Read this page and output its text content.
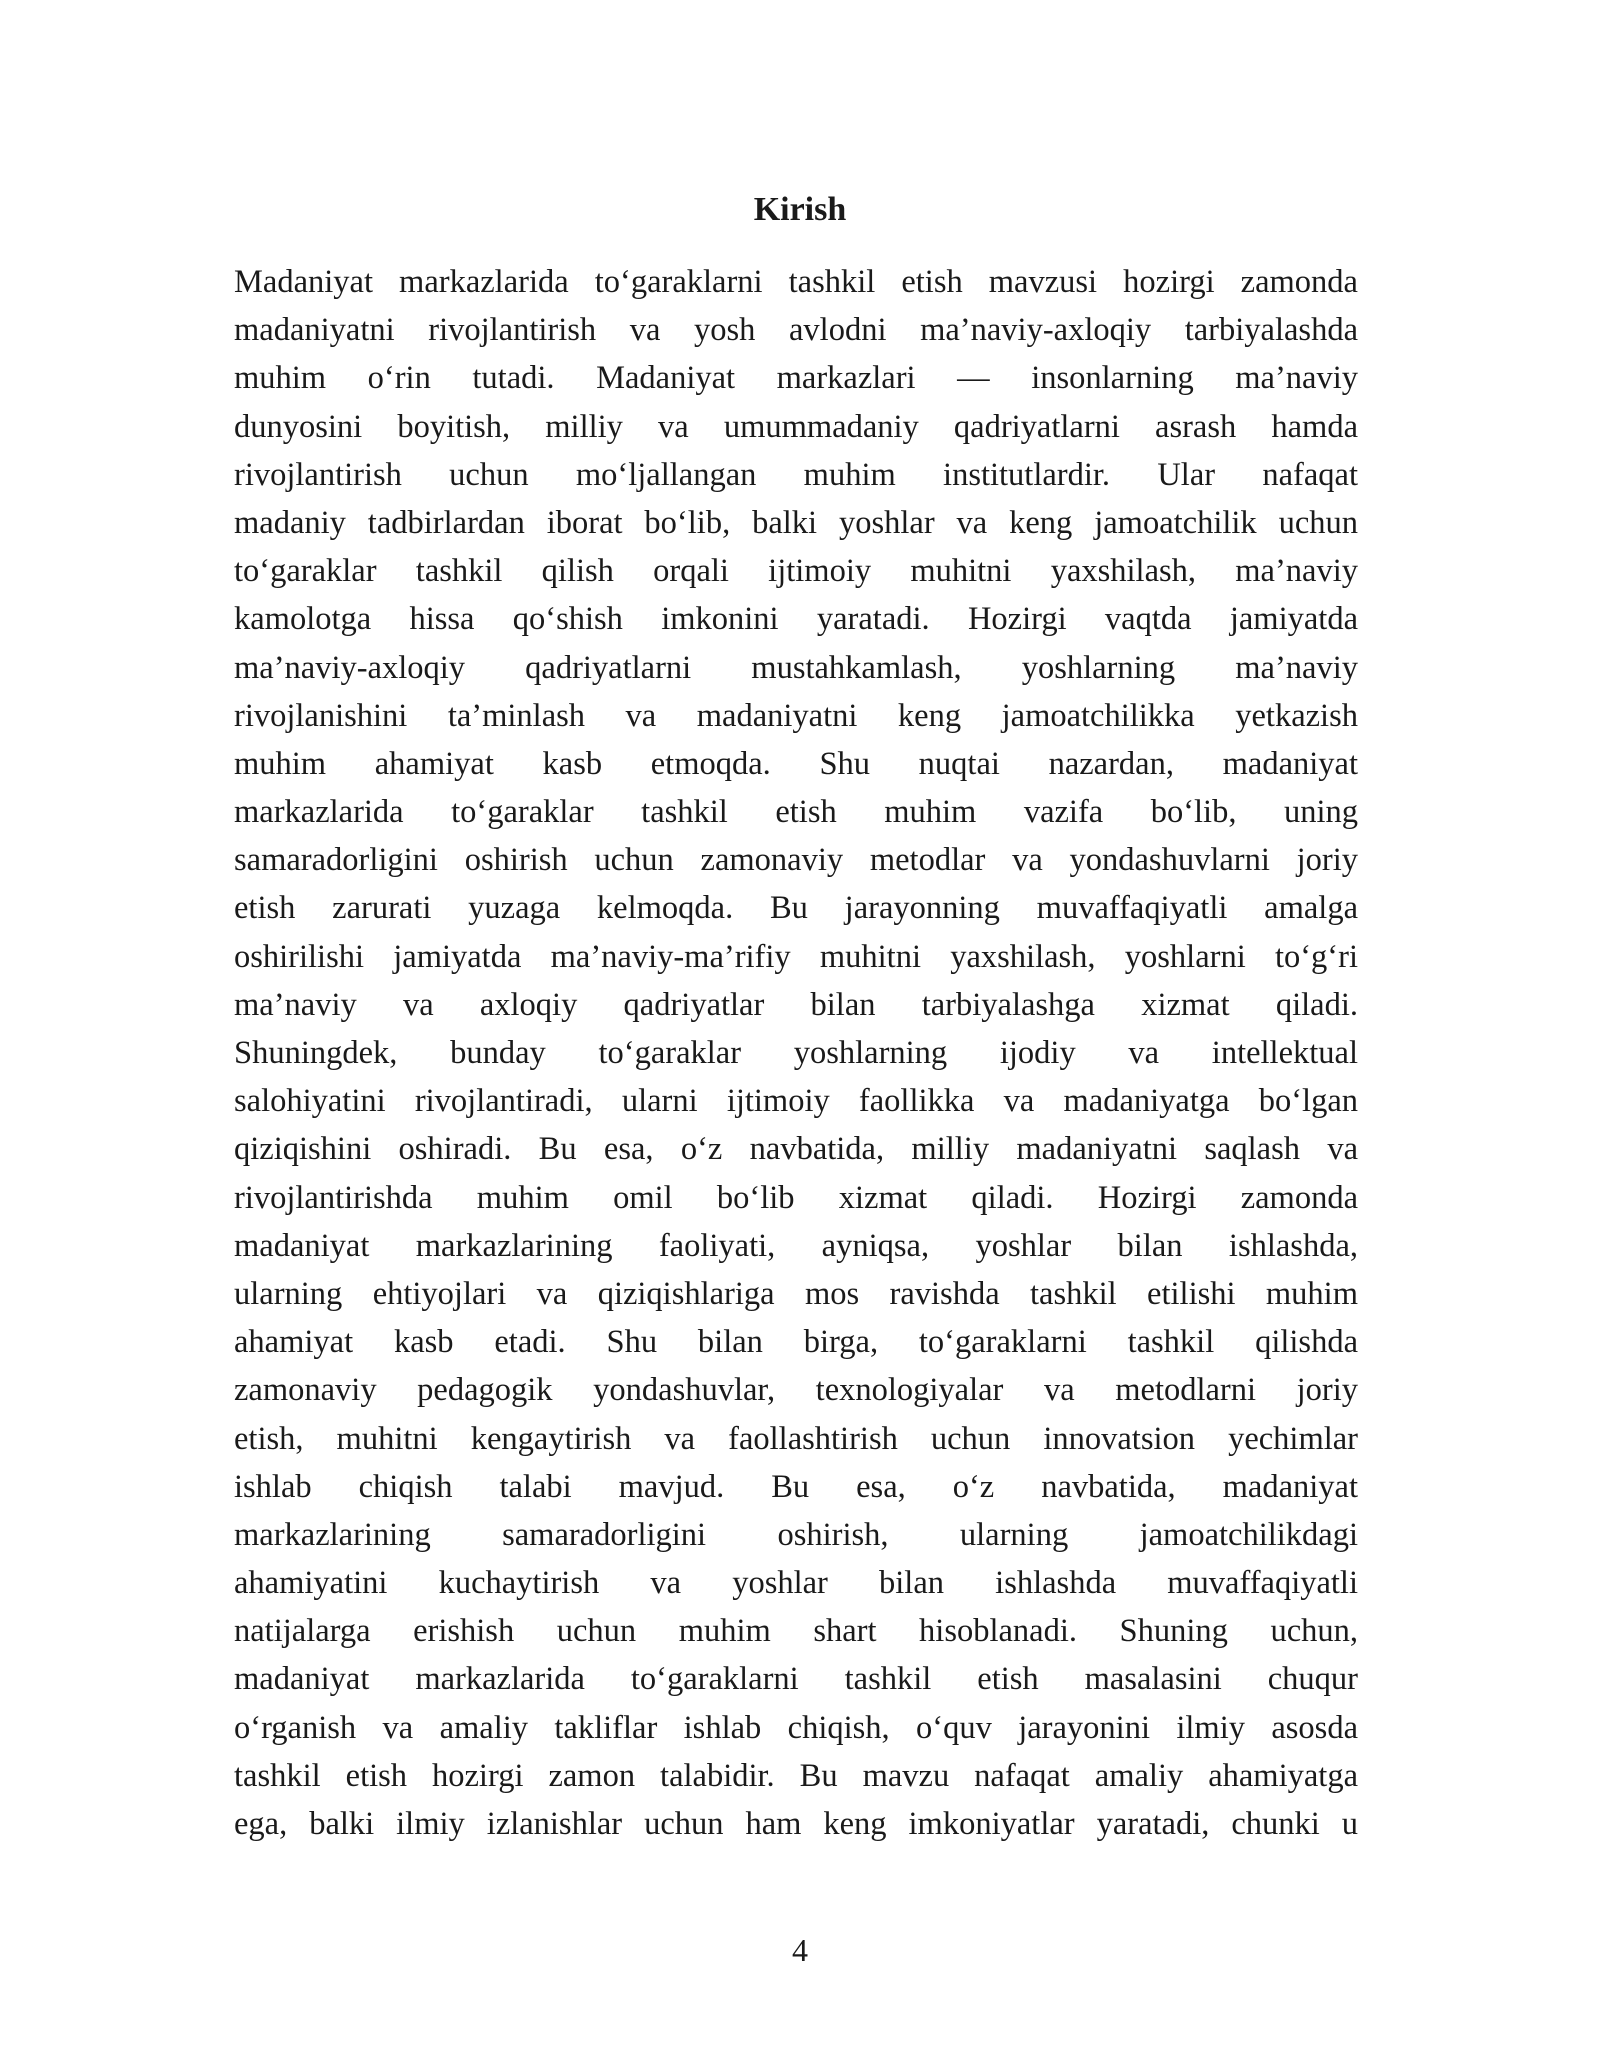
Kirish
Madaniyat markazlarida to‘garaklarni tashkil etish mavzusi hozirgi zamonda
madaniyatni rivojlantirish va yosh avlodni ma’naviy-axloqiy tarbiyalashda
muhim o‘rin tutadi. Madaniyat markazlari — insonlarning ma’naviy
dunyosini boyitish, milliy va umummadaniy qadriyatlarni asrash hamda
rivojlantirish uchun mo‘ljallangan muhim institutlardir. Ular nafaqat
madaniy tadbirlardan iborat bo‘lib, balki yoshlar va keng jamoatchilik uchun
to‘garaklar tashkil qilish orqali ijtimoiy muhitni yaxshilash, ma’naviy
kamolotga hissa qo‘shish imkonini yaratadi. Hozirgi vaqtda jamiyatda
ma’naviy-axloqiy qadriyatlarni mustahkamlash, yoshlarning ma’naviy
rivojlanishini ta’minlash va madaniyatni keng jamoatchilikka yetkazish
muhim ahamiyat kasb etmoqda. Shu nuqtai nazardan, madaniyat
markazlarida to‘garaklar tashkil etish muhim vazifa bo‘lib, uning
samaradorligini oshirish uchun zamonaviy metodlar va yondashuvlarni joriy
etish zarurati yuzaga kelmoqda. Bu jarayonning muvaffaqiyatli amalga
oshirilishi jamiyatda ma’naviy-ma’rifiy muhitni yaxshilash, yoshlarni to‘g‘ri
ma’naviy va axloqiy qadriyatlar bilan tarbiyalashga xizmat qiladi.
Shuningdek, bunday to‘garaklar yoshlarning ijodiy va intellektual
salohiyatini rivojlantiradi, ularni ijtimoiy faollikka va madaniyatga bo‘lgan
qiziqishini oshiradi. Bu esa, o‘z navbatida, milliy madaniyatni saqlash va
rivojlantirishda muhim omil bo‘lib xizmat qiladi. Hozirgi zamonda
madaniyat markazlarining faoliyati, ayniqsa, yoshlar bilan ishlashda,
ularning ehtiyojlari va qiziqishlariga mos ravishda tashkil etilishi muhim
ahamiyat kasb etadi. Shu bilan birga, to‘garaklarni tashkil qilishda
zamonaviy pedagogik yondashuvlar, texnologiyalar va metodlarni joriy
etish, muhitni kengaytirish va faollashtirish uchun innovatsion yechimlar
ishlab chiqish talabi mavjud. Bu esa, o‘z navbatida, madaniyat
markazlarining samaradorligini oshirish, ularning jamoatchilikdagi
ahamiyatini kuchaytirish va yoshlar bilan ishlashda muvaffaqiyatli
natijalarga erishish uchun muhim shart hisoblanadi. Shuning uchun,
madaniyat markazlarida to‘garaklarni tashkil etish masalasini chuqur
o‘rganish va amaliy takliflar ishlab chiqish, o‘quv jarayonini ilmiy asosda
tashkil etish hozirgi zamon talabidir. Bu mavzu nafaqat amaliy ahamiyatga
ega, balki ilmiy izlanishlar uchun ham keng imkoniyatlar yaratadi, chunki u
4
